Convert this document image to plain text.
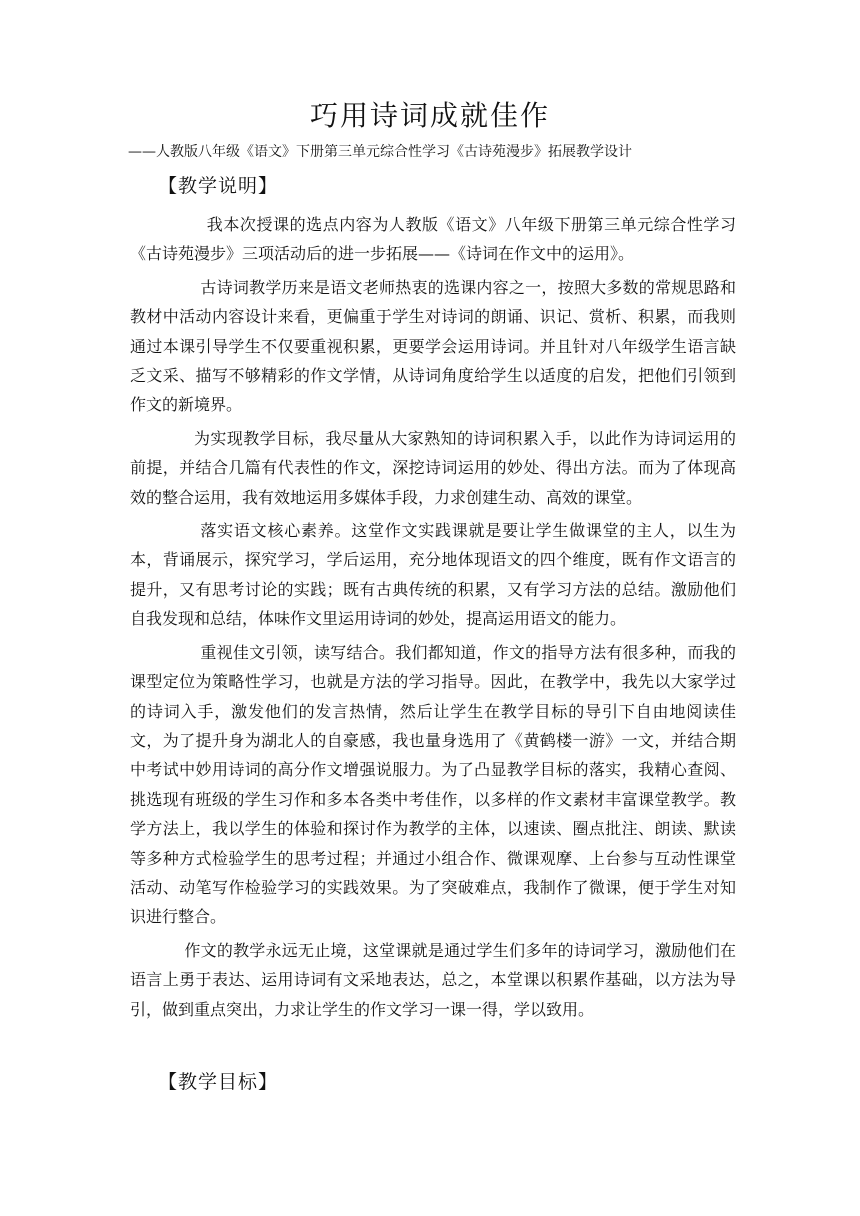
巧用诗词成就佳作
——人教版八年级《语文》下册第三单元综合性学习《古诗苑漫步》拓展教学设计
【教学说明】

我本次授课的选点内容为人教版《语文》八年级下册第三单元综合性学习《古诗苑漫步》三项活动后的进一步拓展——《诗词在作文中的运用》。

古诗词教学历来是语文老师热衷的选课内容之一，按照大多数的常规思路和教材中活动内容设计来看，更偏重于学生对诗词的朗诵、识记、赏析、积累，而我则通过本课引导学生不仅要重视积累，更要学会运用诗词。并且针对八年级学生语言缺乏文采、描写不够精彩的作文学情，从诗词角度给学生以适度的启发，把他们引领到作文的新境界。

为实现教学目标，我尽量从大家熟知的诗词积累入手，以此作为诗词运用的前提，并结合几篇有代表性的作文，深挖诗词运用的妙处、得出方法。而为了体现高效的整合运用，我有效地运用多媒体手段，力求创建生动、高效的课堂。

落实语文核心素养。这堂作文实践课就是要让学生做课堂的主人，以生为本，背诵展示，探究学习，学后运用，充分地体现语文的四个维度，既有作文语言的提升，又有思考讨论的实践；既有古典传统的积累，又有学习方法的总结。激励他们自我发现和总结，体味作文里运用诗词的妙处，提高运用语文的能力。

重视佳文引领，读写结合。我们都知道，作文的指导方法有很多种，而我的课型定位为策略性学习，也就是方法的学习指导。因此，在教学中，我先以大家学过的诗词入手，激发他们的发言热情，然后让学生在教学目标的导引下自由地阅读佳文，为了提升身为湖北人的自豪感，我也量身选用了《黄鹤楼一游》一文，并结合期中考试中妙用诗词的高分作文增强说服力。为了凸显教学目标的落实，我精心查阅、挑选现有班级的学生习作和多本各类中考佳作，以多样的作文素材丰富课堂教学。教学方法上，我以学生的体验和探讨作为教学的主体，以速读、圈点批注、朗读、默读等多种方式检验学生的思考过程；并通过小组合作、微课观摩、上台参与互动性课堂活动、动笔写作检验学习的实践效果。为了突破难点，我制作了微课，便于学生对知识进行整合。

作文的教学永远无止境，这堂课就是通过学生们多年的诗词学习，激励他们在语言上勇于表达、运用诗词有文采地表达，总之，本堂课以积累作基础，以方法为导引，做到重点突出，力求让学生的作文学习一课一得，学以致用。

【教学目标】
